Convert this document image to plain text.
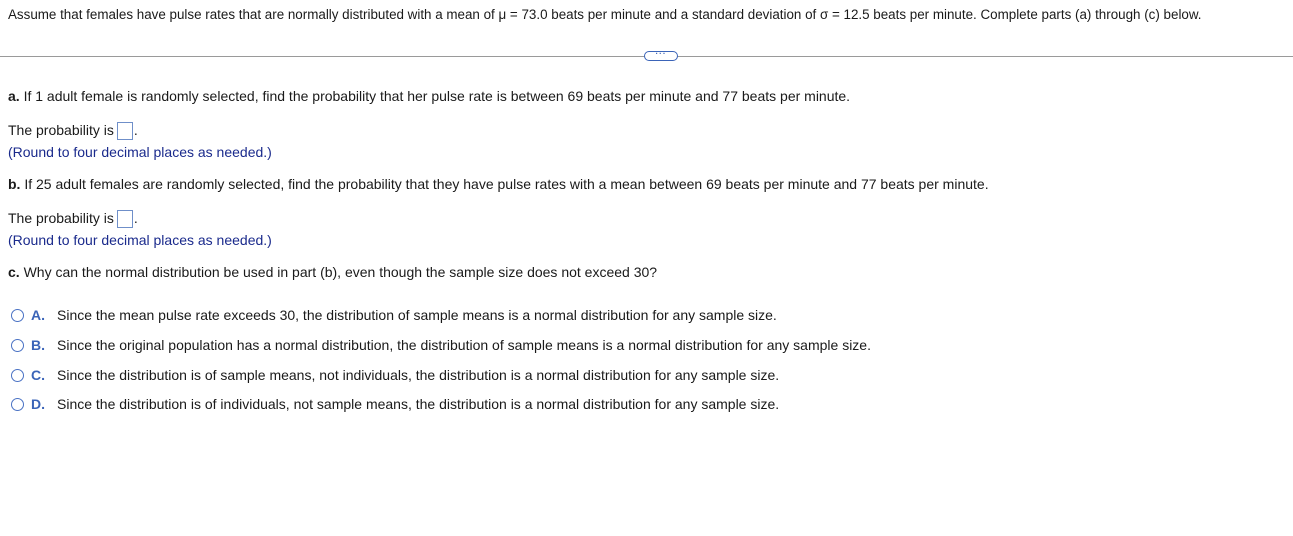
Assume that females have pulse rates that are normally distributed with a mean of μ = 73.0 beats per minute and a standard deviation of σ = 12.5 beats per minute. Complete parts (a) through (c) below.
···
a. If 1 adult female is randomly selected, find the probability that her pulse rate is between 69 beats per minute and 77 beats per minute.
The probability is .
(Round to four decimal places as needed.)
b. If 25 adult females are randomly selected, find the probability that they have pulse rates with a mean between 69 beats per minute and 77 beats per minute.
The probability is .
(Round to four decimal places as needed.)
c. Why can the normal distribution be used in part (b), even though the sample size does not exceed 30?
A. Since the mean pulse rate exceeds 30, the distribution of sample means is a normal distribution for any sample size.
B. Since the original population has a normal distribution, the distribution of sample means is a normal distribution for any sample size.
C. Since the distribution is of sample means, not individuals, the distribution is a normal distribution for any sample size.
D. Since the distribution is of individuals, not sample means, the distribution is a normal distribution for any sample size.
